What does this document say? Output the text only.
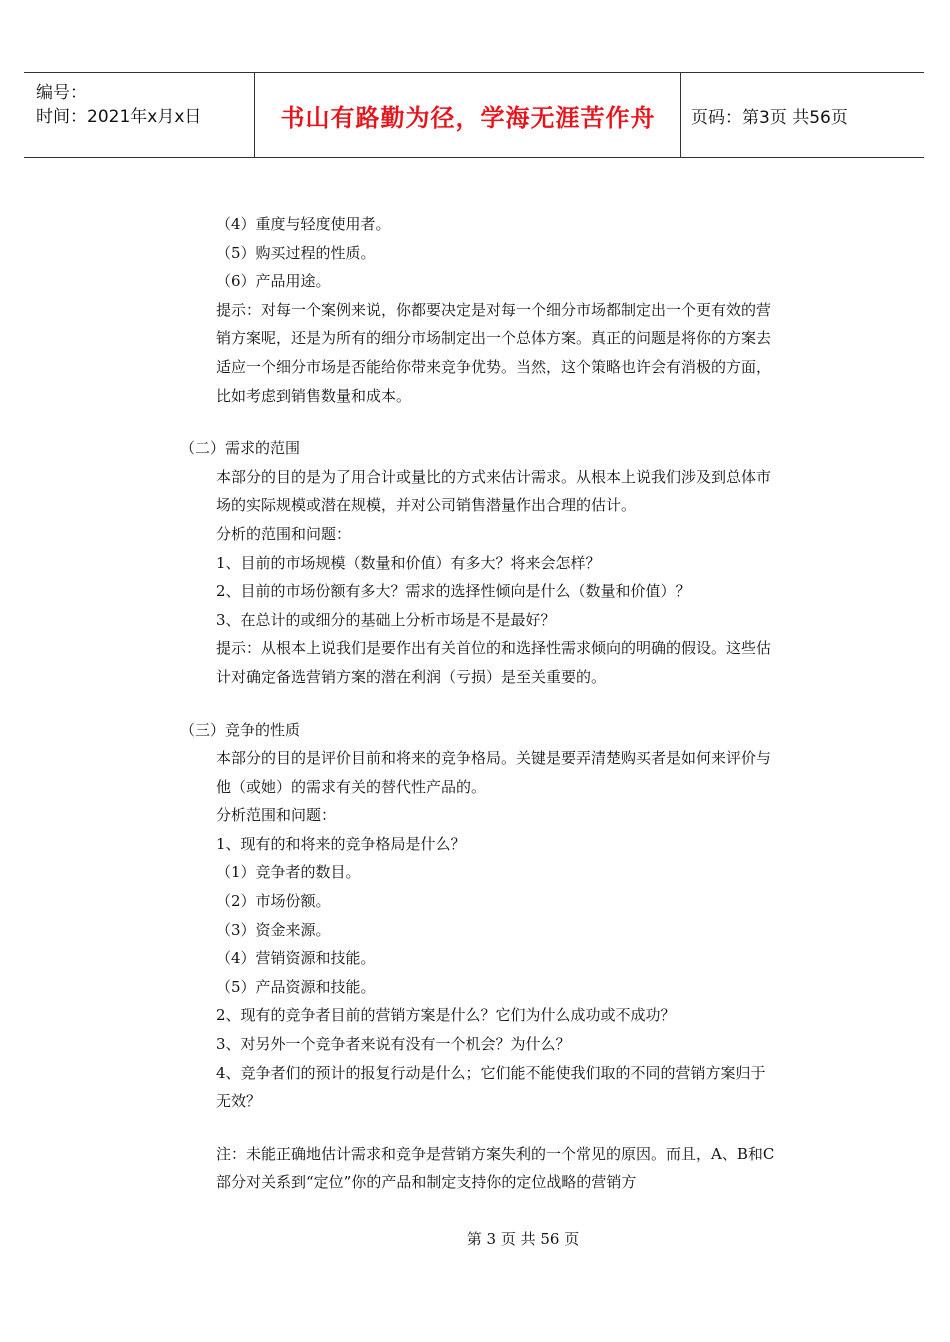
编号：
时间：2021年x月x日	书山有路勤为径，学海无涯苦作舟	页码：第3页 共56页

（4）重度与轻度使用者。

（5）购买过程的性质。

（6）产品用途。

提示：对每一个案例来说，你都要决定是对每一个细分市场都制定出一个更有效的营销方案呢，还是为所有的细分市场制定出一个总体方案。真正的问题是将你的方案去适应一个细分市场是否能给你带来竞争优势。当然，这个策略也许会有消极的方面，比如考虑到销售数量和成本。

（二）需求的范围

本部分的目的是为了用合计或量比的方式来估计需求。从根本上说我们涉及到总体市场的实际规模或潜在规模，并对公司销售潜量作出合理的估计。

分析的范围和问题：

1、目前的市场规模（数量和价值）有多大？将来会怎样？

2、目前的市场份额有多大？需求的选择性倾向是什么（数量和价值）？

3、在总计的或细分的基础上分析市场是不是最好？

提示：从根本上说我们是要作出有关首位的和选择性需求倾向的明确的假设。这些估计对确定备选营销方案的潜在利润（亏损）是至关重要的。

（三）竞争的性质

本部分的目的是评价目前和将来的竞争格局。关键是要弄清楚购买者是如何来评价与他（或她）的需求有关的替代性产品的。

分析范围和问题：

1、现有的和将来的竞争格局是什么？

（1）竞争者的数目。

（2）市场份额。

（3）资金来源。

（4）营销资源和技能。

（5）产品资源和技能。

2、现有的竞争者目前的营销方案是什么？它们为什么成功或不成功？

3、对另外一个竞争者来说有没有一个机会？为什么？

4、竞争者们的预计的报复行动是什么；它们能不能使我们取的不同的营销方案归于无效？

注：未能正确地估计需求和竞争是营销方案失利的一个常见的原因。而且，A、B和C部分对关系到“定位”你的产品和制定支持你的定位战略的营销方

第 3 页 共 56 页
